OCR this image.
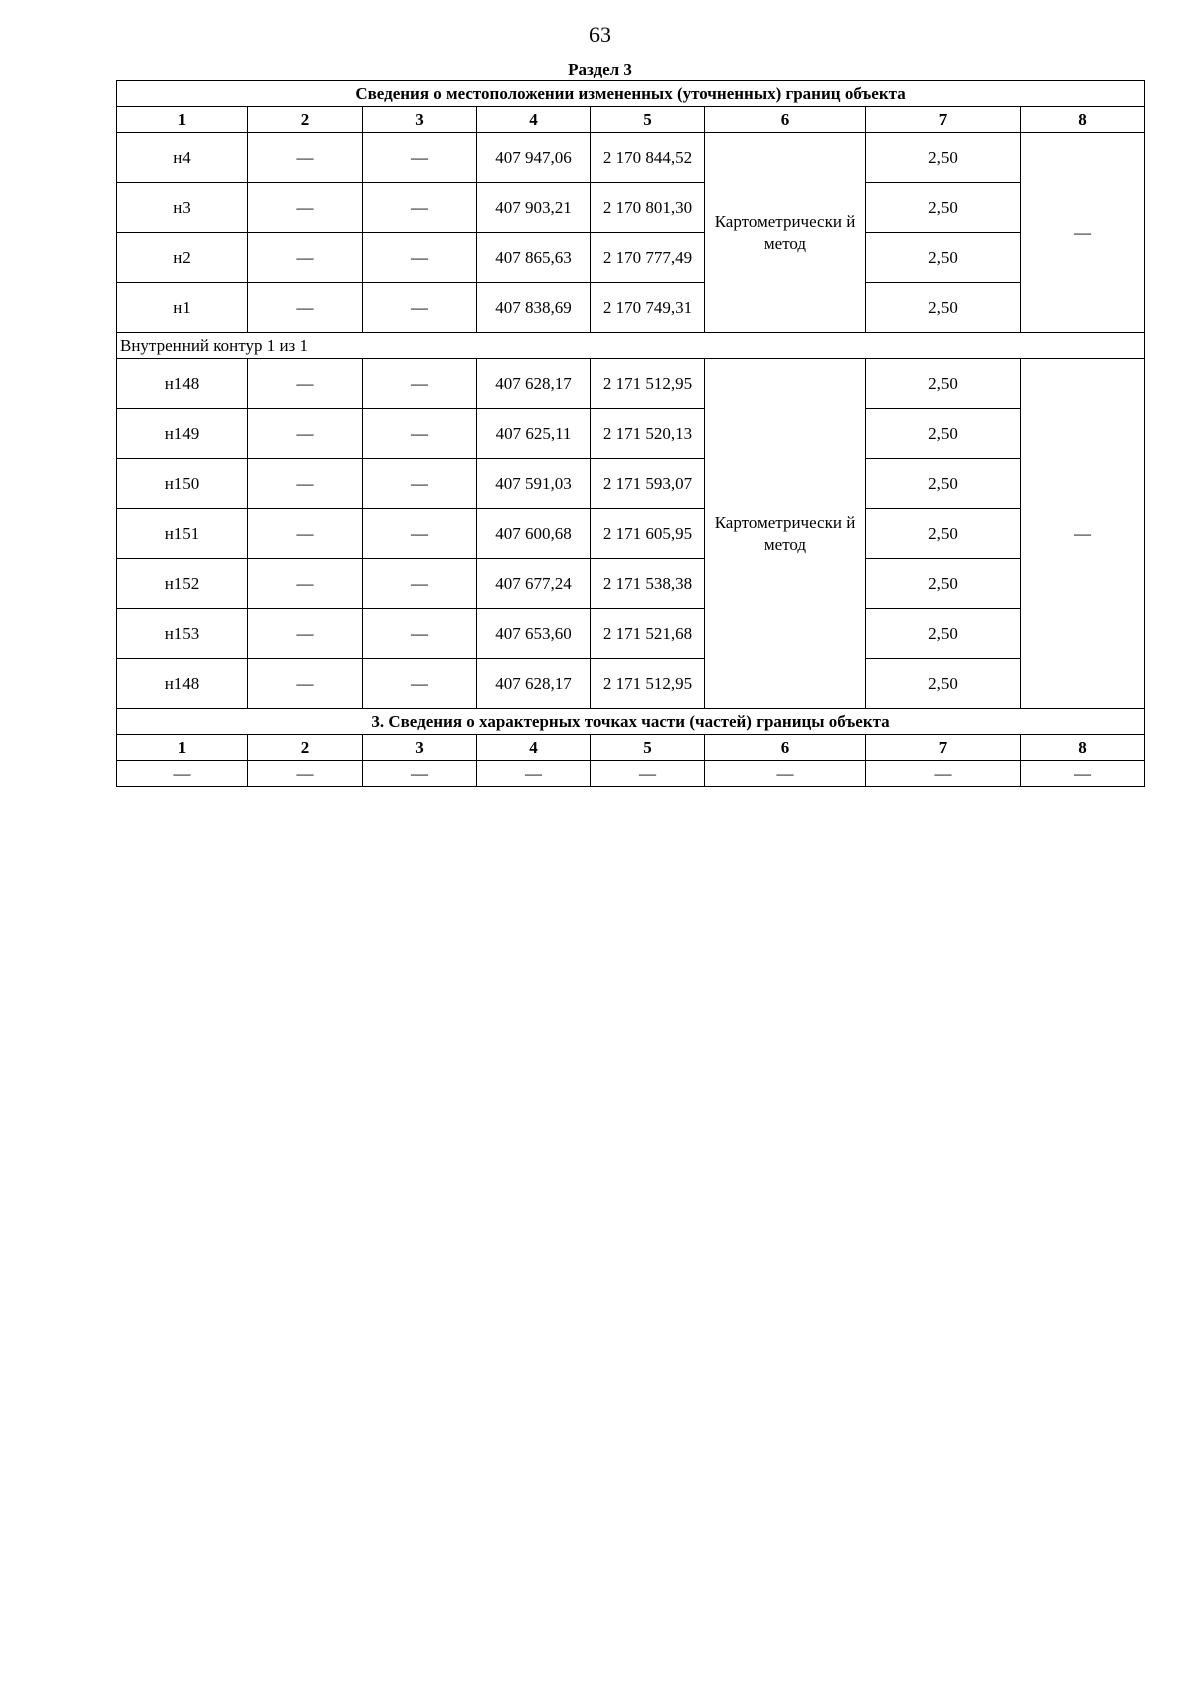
63
Раздел 3
Сведения о местоположении измененных (уточненных) границ объекта							
1	2	3	4	5	6	7	8
н4	—	—	407 947,06	2 170 844,52	Картометрически й метод	2,50	—
н3	—	—	407 903,21	2 170 801,30		2,50	
н2	—	—	407 865,63	2 170 777,49		2,50	
н1	—	—	407 838,69	2 170 749,31		2,50	
Внутренний контур 1 из 1							
н148	—	—	407 628,17	2 171 512,95	Картометрически й метод	2,50	—
н149	—	—	407 625,11	2 171 520,13		2,50	
н150	—	—	407 591,03	2 171 593,07		2,50	
н151	—	—	407 600,68	2 171 605,95		2,50	
н152	—	—	407 677,24	2 171 538,38		2,50	
н153	—	—	407 653,60	2 171 521,68		2,50	
н148	—	—	407 628,17	2 171 512,95		2,50	
3. Сведения о характерных точках части (частей) границы объекта							
1	2	3	4	5	6	7	8
—	—	—	—	—	—	—	—
